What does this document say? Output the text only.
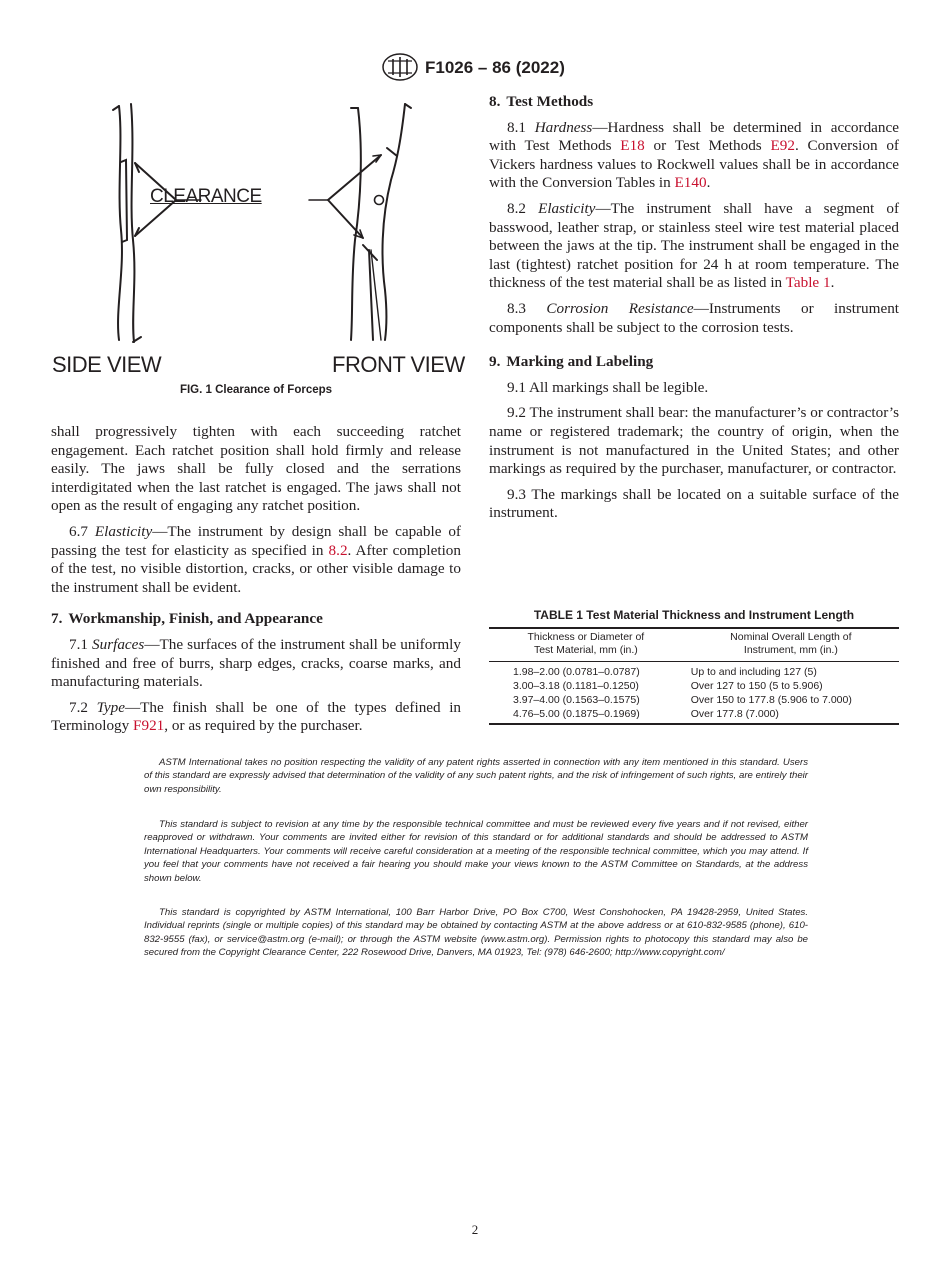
F1026 – 86 (2022)
CLEARANCE
SIDE VIEW	FRONT VIEW
FIG. 1 Clearance of Forceps

shall progressively tighten with each succeeding ratchet engagement. Each ratchet position shall hold firmly and release easily. The jaws shall be fully closed and the serrations interdigitated when the last ratchet is engaged. The jaws shall not open as the result of engaging any ratchet position.

6.7 Elasticity—The instrument by design shall be capable of passing the test for elasticity as specified in 8.2. After completion of the test, no visible distortion, cracks, or other visible damage to the instrument shall be evident.

7. Workmanship, Finish, and Appearance

7.1 Surfaces—The surfaces of the instrument shall be uniformly finished and free of burrs, sharp edges, cracks, coarse marks, and manufacturing materials.

7.2 Type—The finish shall be one of the types defined in Terminology F921, or as required by the purchaser.

8. Test Methods

8.1 Hardness—Hardness shall be determined in accordance with Test Methods E18 or Test Methods E92. Conversion of Vickers hardness values to Rockwell values shall be in accordance with the Conversion Tables in E140.

8.2 Elasticity—The instrument shall have a segment of basswood, leather strap, or stainless steel wire test material placed between the jaws at the tip. The instrument shall be engaged in the last (tightest) ratchet position for 24 h at room temperature. The thickness of the test material shall be as listed in Table 1.

8.3 Corrosion Resistance—Instruments or instrument components shall be subject to the corrosion tests.

9. Marking and Labeling

9.1 All markings shall be legible.

9.2 The instrument shall bear: the manufacturer’s or contractor’s name or registered trademark; the country of origin, when the instrument is not manufactured in the United States; and other markings as required by the purchaser, manufacturer, or contractor.

9.3 The markings shall be located on a suitable surface of the instrument.

TABLE 1 Test Material Thickness and Instrument Length
Thickness or Diameter of
Test Material, mm (in.)	Nominal Overall Length of
Instrument, mm (in.)
1.98–2.00 (0.0781–0.0787)	Up to and including 127 (5)
3.00–3.18 (0.1181–0.1250)	Over 127 to 150 (5 to 5.906)
3.97–4.00 (0.1563–0.1575)	Over 150 to 177.8 (5.906 to 7.000)
4.76–5.00 (0.1875–0.1969)	Over 177.8 (7.000)

ASTM International takes no position respecting the validity of any patent rights asserted in connection with any item mentioned in this standard. Users of this standard are expressly advised that determination of the validity of any such patent rights, and the risk of infringement of such rights, are entirely their own responsibility.

This standard is subject to revision at any time by the responsible technical committee and must be reviewed every five years and if not revised, either reapproved or withdrawn. Your comments are invited either for revision of this standard or for additional standards and should be addressed to ASTM International Headquarters. Your comments will receive careful consideration at a meeting of the responsible technical committee, which you may attend. If you feel that your comments have not received a fair hearing you should make your views known to the ASTM Committee on Standards, at the address shown below.

This standard is copyrighted by ASTM International, 100 Barr Harbor Drive, PO Box C700, West Conshohocken, PA 19428-2959, United States. Individual reprints (single or multiple copies) of this standard may be obtained by contacting ASTM at the above address or at 610-832-9585 (phone), 610-832-9555 (fax), or service@astm.org (e-mail); or through the ASTM website (www.astm.org). Permission rights to photocopy this standard may also be secured from the Copyright Clearance Center, 222 Rosewood Drive, Danvers, MA 01923, Tel: (978) 646-2600; http://www.copyright.com/

2
